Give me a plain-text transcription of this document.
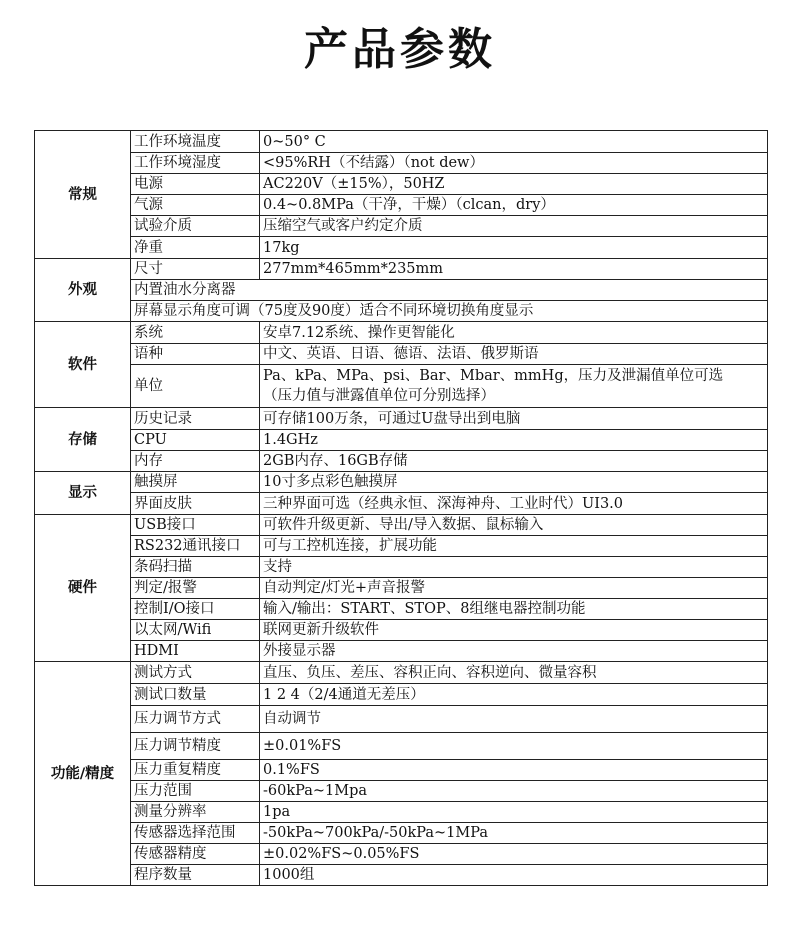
产品参数
常规	工作环境温度	0~50° C
	工作环境湿度	<95%RH（不结露）（not dew）
	电源	AC220V（±15%），50HZ
	气源	0.4~0.8MPa（干净，干燥）（clcan，dry）
	试验介质	压缩空气或客户约定介质
	净重	17kg
外观	尺寸	277mm*465mm*235mm
	内置油水分离器	
	屏幕显示角度可调（75度及90度）适合不同环境切换角度显示	
软件	系统	安卓7.12系统、操作更智能化
	语种	中文、英语、日语、德语、法语、俄罗斯语
	单位	Pa、kPa、MPa、psi、Bar、Mbar、mmHg，压力及泄漏值单位可选
（压力值与泄露值单位可分别选择）

存储	历史记录	可存储100万条，可通过U盘导出到电脑
	CPU	1.4GHz
	内存	2GB内存、16GB存储
显示	触摸屏	10寸多点彩色触摸屏
	界面皮肤	三种界面可选（经典永恒、深海神舟、工业时代）UI3.0
硬件	USB接口	可软件升级更新、导出/导入数据、鼠标输入
	RS232通讯接口	可与工控机连接，扩展功能
	条码扫描	支持
	判定/报警	自动判定/灯光+声音报警
	控制I/O接口	输入/输出：START、STOP、8组继电器控制功能
	以太网/Wifi	联网更新升级软件
	HDMI	外接显示器
功能/精度	测试方式	直压、负压、差压、容积正向、容积逆向、微量容积
	测试口数量	1 2 4（2/4通道无差压）
	压力调节方式	自动调节
	压力调节精度	±0.01%FS
	压力重复精度	0.1%FS
	压力范围	-60kPa~1Mpa
	测量分辨率	1pa
	传感器选择范围	-50kPa~700kPa/-50kPa~1MPa
	传感器精度	±0.02%FS~0.05%FS
	程序数量	1000组
